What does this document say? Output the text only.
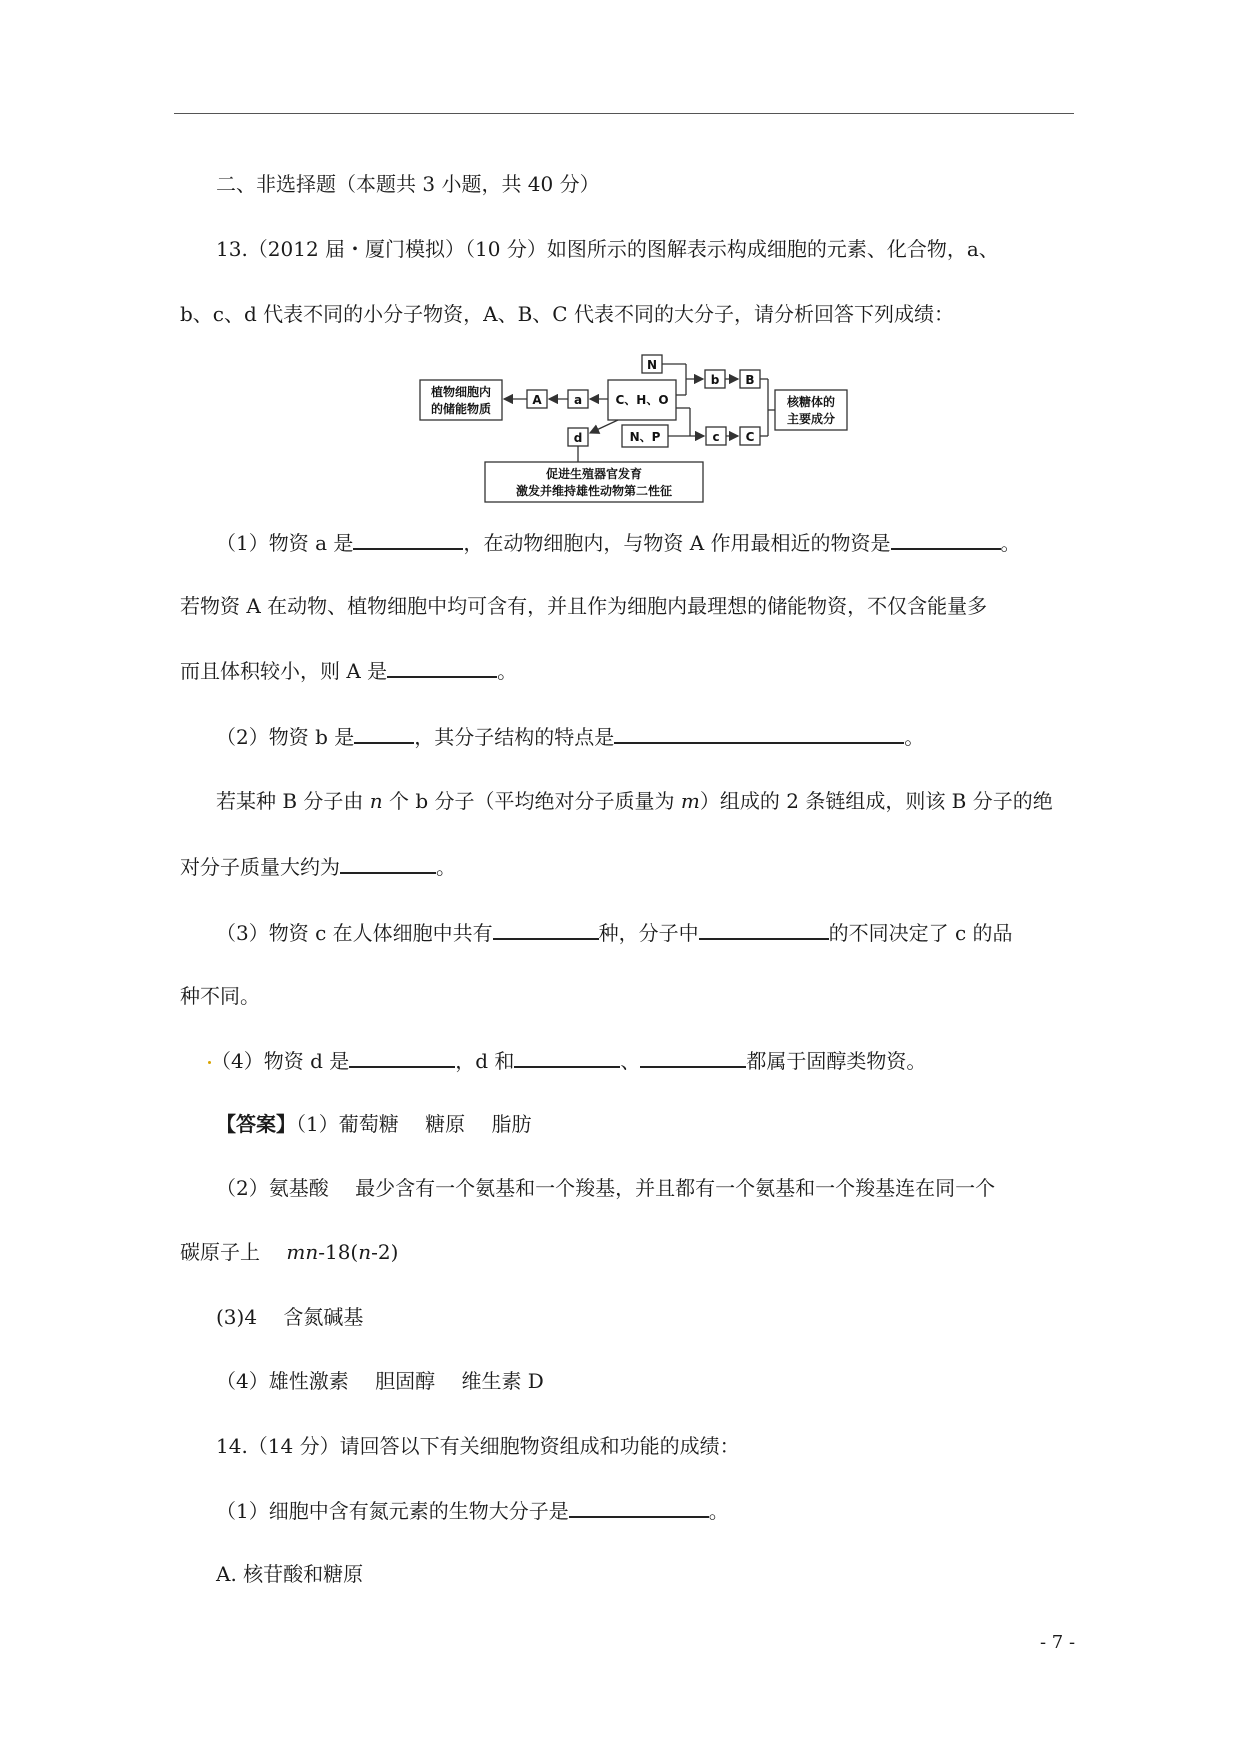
二、非选择题（本题共 3 小题，共 40 分）
13.（2012 届・厦门模拟）（10 分）如图所示的图解表示构成细胞的元素、化合物，a、
b、c、d 代表不同的小分子物资，A、B、C 代表不同的大分子，请分析回答下列成绩：
植物细胞内
的储能物质
A	a	C、H、O
N
b B
N、P	c C
d
核糖体的
主要成分
促进生殖器官发育
激发并维持雄性动物第二性征
（1）物资 a 是	，在动物细胞内，与物资 A 作用最相近的物资是	。
若物资 A 在动物、植物细胞中均可含有，并且作为细胞内最理想的储能物资，不仅含能量多
而且体积较小，则 A 是	。
（2）物资 b 是	，其分子结构的特点是	。
若某种 B 分子由 n 个 b 分子（平均绝对分子质量为 m）组成的 2 条链组成，则该 B 分子的绝
对分子质量大约为	。
（3）物资 c 在人体细胞中共有	种，分子中	的不同决定了 c 的品
种不同。
（4）物资 d 是	，d 和	、	都属于固醇类物资。
【答案】（1）葡萄糖　 糖原　 脂肪
（2）氨基酸　 最少含有一个氨基和一个羧基，并且都有一个氨基和一个羧基连在同一个
碳原子上　 mn-18(n-2)
(3)4　 含氮碱基
（4）雄性激素　 胆固醇　 维生素 D
14.（14 分）请回答以下有关细胞物资组成和功能的成绩：
（1）细胞中含有氮元素的生物大分子是	。
A. 核苷酸和糖原
- 7 -
